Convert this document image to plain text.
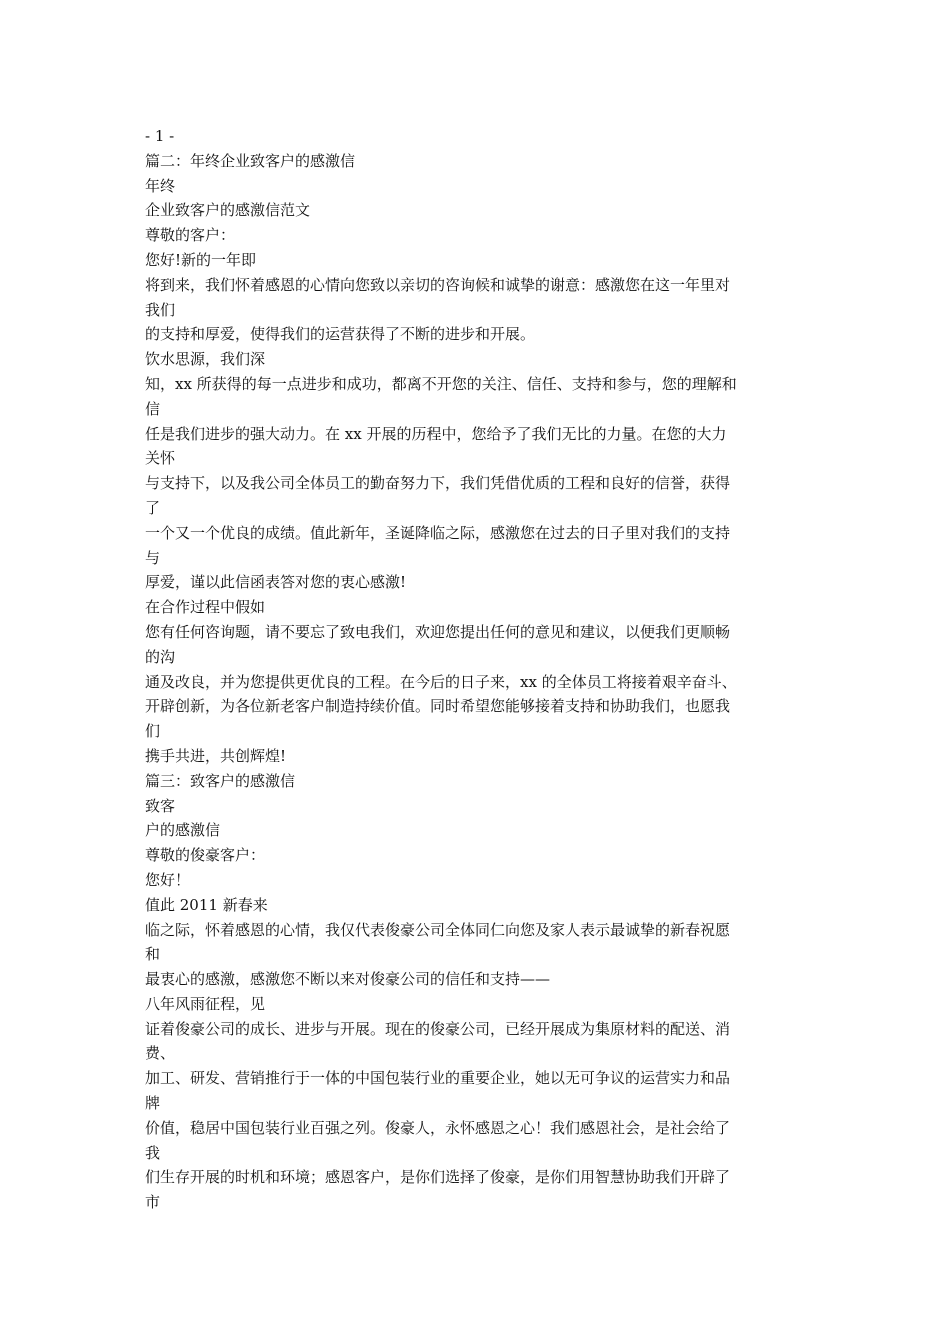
- 1 -
篇二：年终企业致客户的感激信
年终
企业致客户的感激信范文
尊敬的客户：
您好!新的一年即
将到来，我们怀着感恩的心情向您致以亲切的咨询候和诚挚的谢意：感激您在这一年里对
我们
的支持和厚爱，使得我们的运营获得了不断的进步和开展。
饮水思源，我们深
知，xx 所获得的每一点进步和成功，都离不开您的关注、信任、支持和参与，您的理解和
信
任是我们进步的强大动力。在 xx 开展的历程中，您给予了我们无比的力量。在您的大力
关怀
与支持下，以及我公司全体员工的勤奋努力下，我们凭借优质的工程和良好的信誉，获得
了
一个又一个优良的成绩。值此新年，圣诞降临之际，感激您在过去的日子里对我们的支持
与
厚爱，谨以此信函表答对您的衷心感激!
在合作过程中假如
您有任何咨询题，请不要忘了致电我们，欢迎您提出任何的意见和建议，以便我们更顺畅
的沟
通及改良，并为您提供更优良的工程。在今后的日子来，xx 的全体员工将接着艰辛奋斗、
开辟创新，为各位新老客户制造持续价值。同时希望您能够接着支持和协助我们，也愿我
们
携手共进，共创辉煌!
篇三：致客户的感激信
致客
户的感激信
尊敬的俊豪客户：
您好！
值此 2011 新春来
临之际，怀着感恩的心情，我仅代表俊豪公司全体同仁向您及家人表示最诚挚的新春祝愿
和
最衷心的感激，感激您不断以来对俊豪公司的信任和支持——
八年风雨征程，见
证着俊豪公司的成长、进步与开展。现在的俊豪公司，已经开展成为集原材料的配送、消
费、
加工、研发、营销推行于一体的中国包装行业的重要企业，她以无可争议的运营实力和品
牌
价值，稳居中国包装行业百强之列。俊豪人，永怀感恩之心！我们感恩社会，是社会给了
我
们生存开展的时机和环境；感恩客户，是你们选择了俊豪，是你们用智慧协助我们开辟了
市
